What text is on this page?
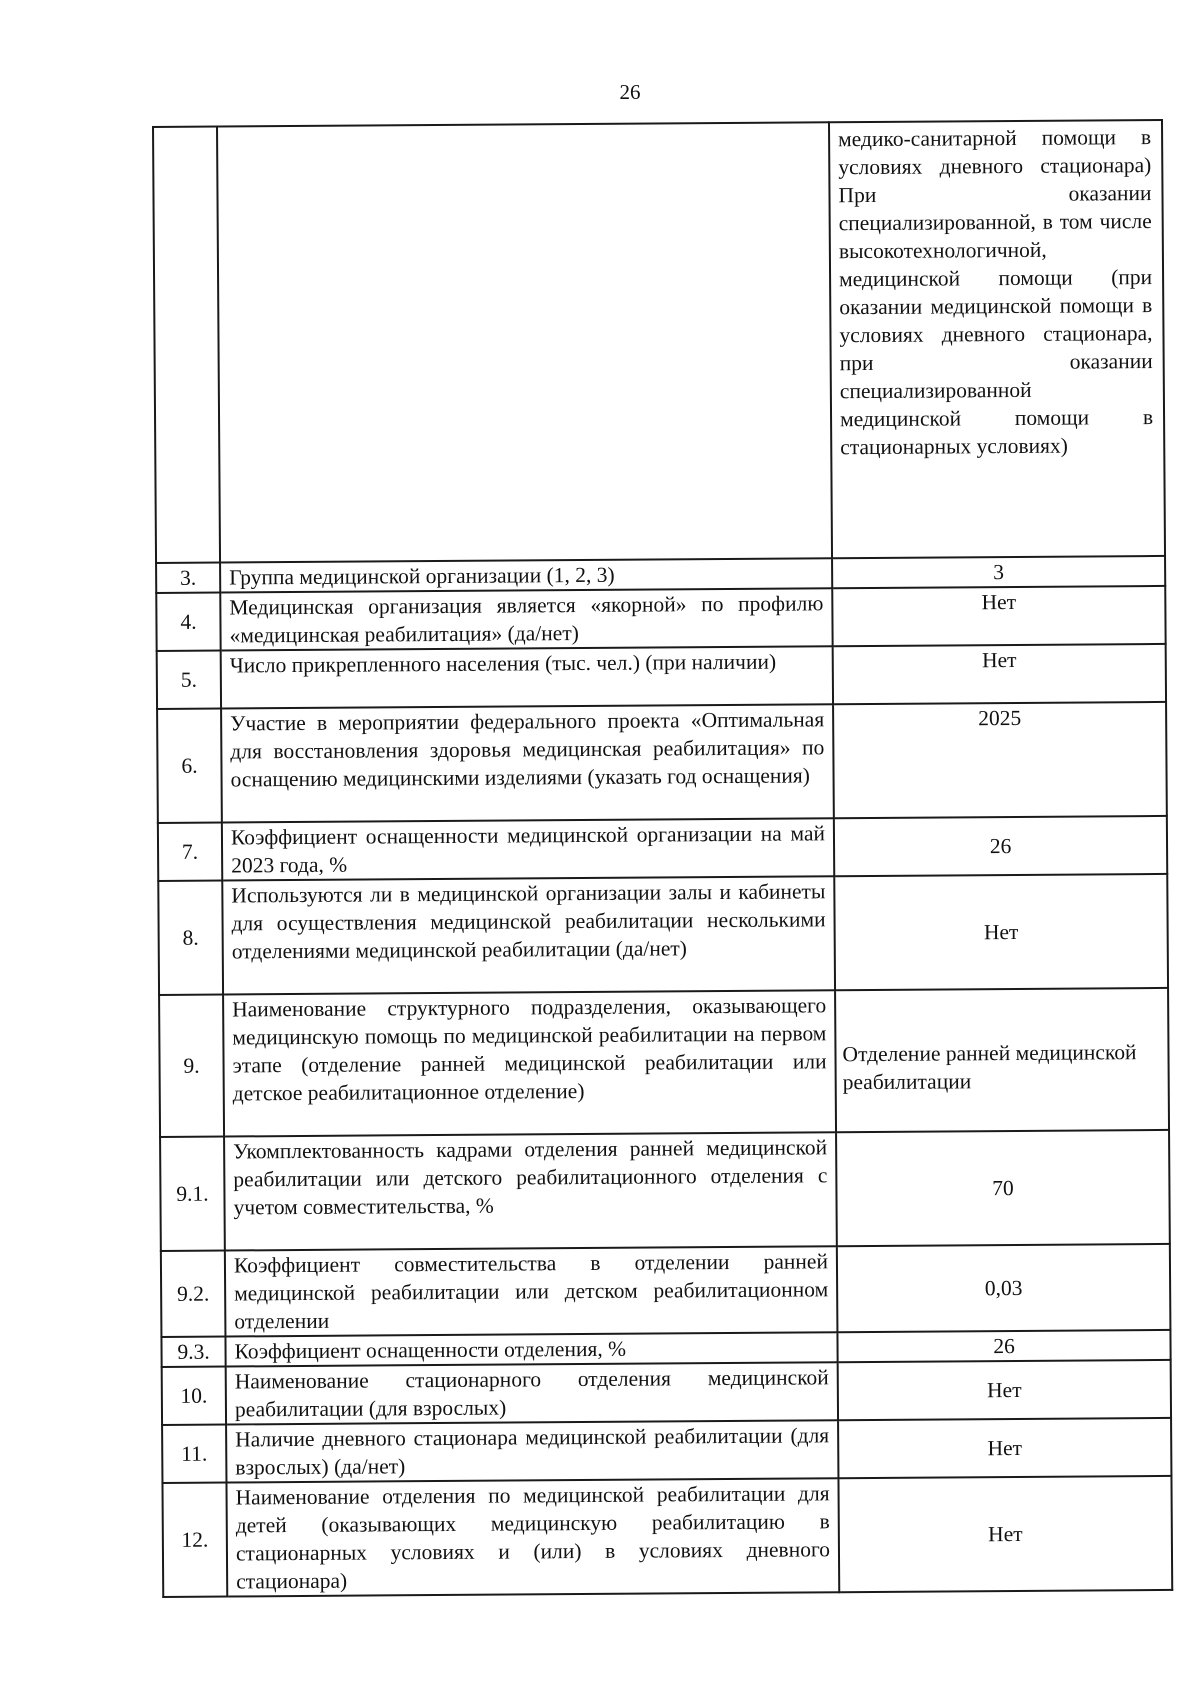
26
		медико-санитарной помощи в условиях дневного стационара) При оказании специализированной, в том числе высокотехнологичной, медицинской помощи (при оказании медицинской помощи в условиях дневного стационара, при оказании специализированной медицинской помощи в стационарных условиях)
3.	Группа медицинской организации (1, 2, 3)	3
4.	Медицинская организация является «якорной» по профилю «медицинская реабилитация» (да/нет)	Нет
5.	Число прикрепленного населения (тыс. чел.) (при наличии)	Нет
6.	Участие в мероприятии федерального проекта «Оптимальная для восстановления здоровья медицинская реабилитация» по оснащению медицинскими изделиями (указать год оснащения)	2025
7.	Коэффициент оснащенности медицинской организации на май 2023 года, %	26
8.	Используются ли в медицинской организации залы и кабинеты для осуществления медицинской реабилитации несколькими отделениями медицинской реабилитации (да/нет)	Нет
9.	Наименование структурного подразделения, оказывающего медицинскую помощь по медицинской реабилитации на первом этапе (отделение ранней медицинской реабилитации или детское реабилитационное отделение)	Отделение ранней медицинской реабилитации
9.1.	Укомплектованность кадрами отделения ранней медицинской реабилитации или детского реабилитационного отделения с учетом совместительства, %	70
9.2.	Коэффициент совместительства в отделении ранней медицинской реабилитации или детском реабилитационном отделении	0,03
9.3.	Коэффициент оснащенности отделения, %	26
10.	Наименование стационарного отделения медицинской реабилитации (для взрослых)	Нет
11.	Наличие дневного стационара медицинской реабилитации (для взрослых) (да/нет)	Нет
12.	Наименование отделения по медицинской реабилитации для детей (оказывающих медицинскую реабилитацию в стационарных условиях и (или) в условиях дневного стационара)	Нет
